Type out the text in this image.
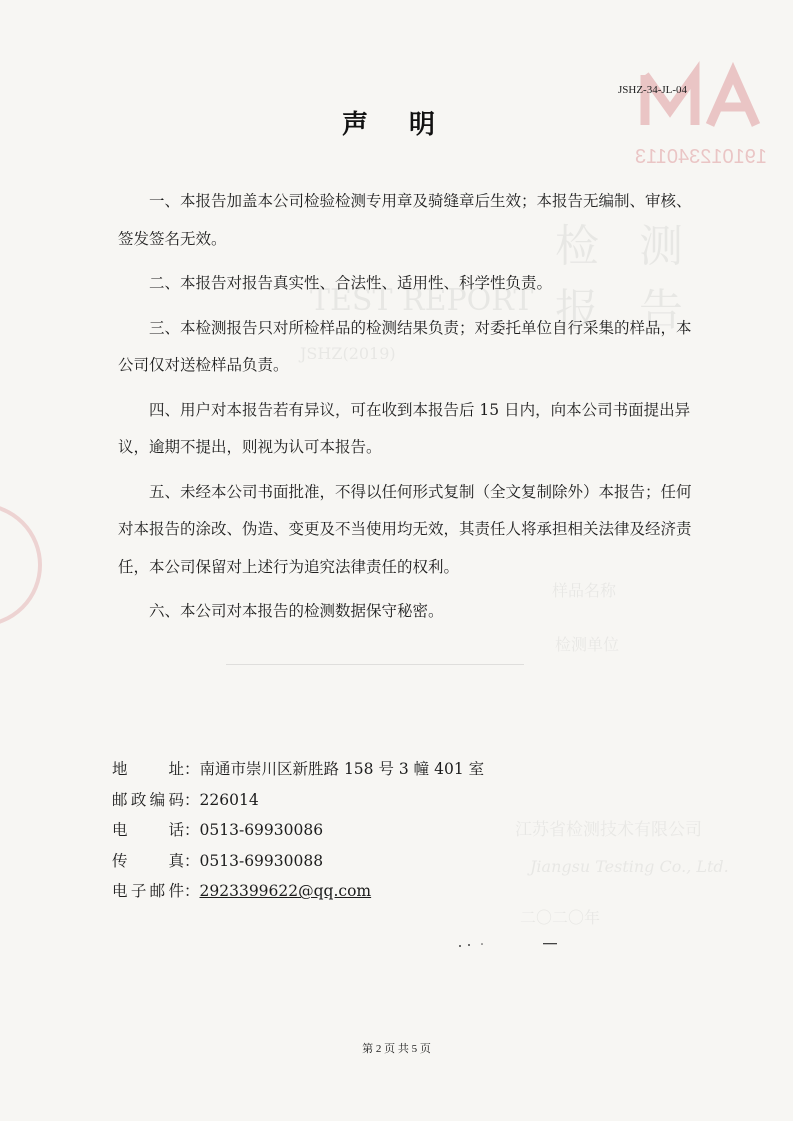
检测报告
TEST REPORT
JSHZ(2019)
样品名称
检测单位
江苏省检测技术有限公司
Jiangsu Testing Co., Ltd.
二〇二〇年
191012340113
JSHZ-34-JL-04
声 明

一、本报告加盖本公司检验检测专用章及骑缝章后生效；本报告无编制、审核、签发签名无效。

二、本报告对报告真实性、合法性、适用性、科学性负责。

三、本检测报告只对所检样品的检测结果负责；对委托单位自行采集的样品，本公司仅对送检样品负责。

四、用户对本报告若有异议，可在收到本报告后 15 日内，向本公司书面提出异议，逾期不提出，则视为认可本报告。

五、未经本公司书面批准，不得以任何形式复制（全文复制除外）本报告；任何对本报告的涂改、伪造、变更及不当使用均无效，其责任人将承担相关法律及经济责任，本公司保留对上述行为追究法律责任的权利。

六、本公司对本报告的检测数据保守秘密。

地 址 ： 南通市崇川区新胜路 158 号 3 幢 401 室
邮政编码 ： 226014
电 话 ： 0513-69930086
传 真 ： 0513-69930088
电子邮件 ： 2923399622@qq.com
第 2 页 共 5 页
